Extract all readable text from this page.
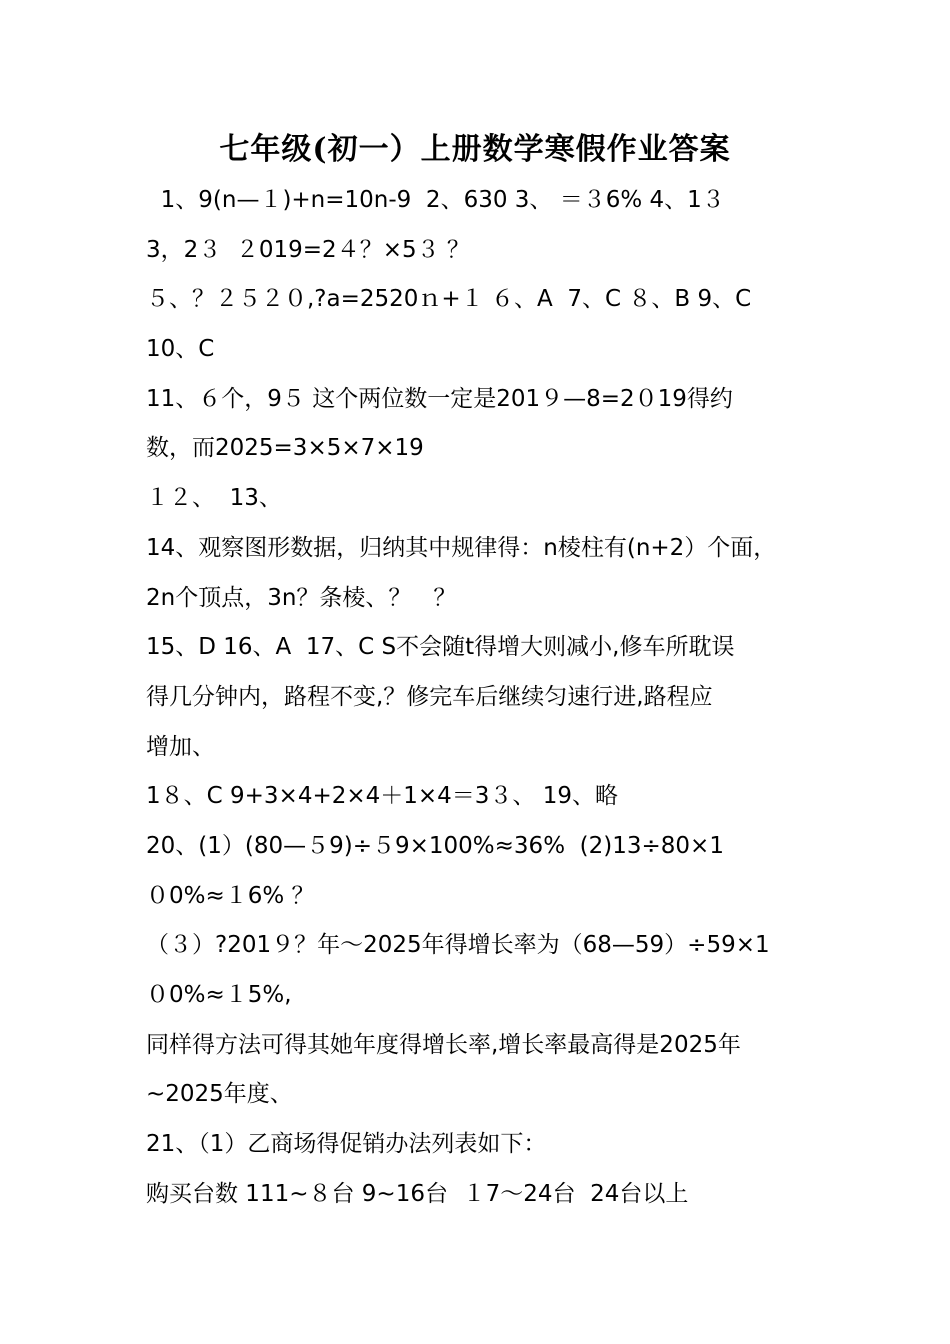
七年级(初一）上册数学寒假作业答案
1、9(n—１)+n=10n-9  2、630 3、 ＝３6% 4、1３
3，2３  ２019=2４？×5３ ？
５、？２５２０,?a=2520ｎ+１ ６、A  7、C ８、B 9、C
10、C
11、６个，9５ 这个两位数一定是201９—8=2０19得约
数，而2025=3×5×7×19
１２、  13、
14、观察图形数据，归纳其中规律得：n棱柱有(n+2）个面，
2n个顶点，3n？条棱、？   ？
15、D 16、A  17、C S不会随t得增大则减小,修车所耽误
得几分钟内，路程不变,？修完车后继续匀速行进,路程应
增加、
1８、C 9+3×4+2×4＋1×4＝3３、 19、略
20、(1）(80—５9)÷５9×100%≈36%  (2)13÷80×1
０0%≈１6% ？
（３）?201９？年～2025年得增长率为（68—59）÷59×1
０0%≈１5%,
同样得方法可得其她年度得增长率,增长率最高得是2025年
~2025年度、
21、（1）乙商场得促销办法列表如下：
购买台数 111~８台 9~16台  １7～24台  24台以上
